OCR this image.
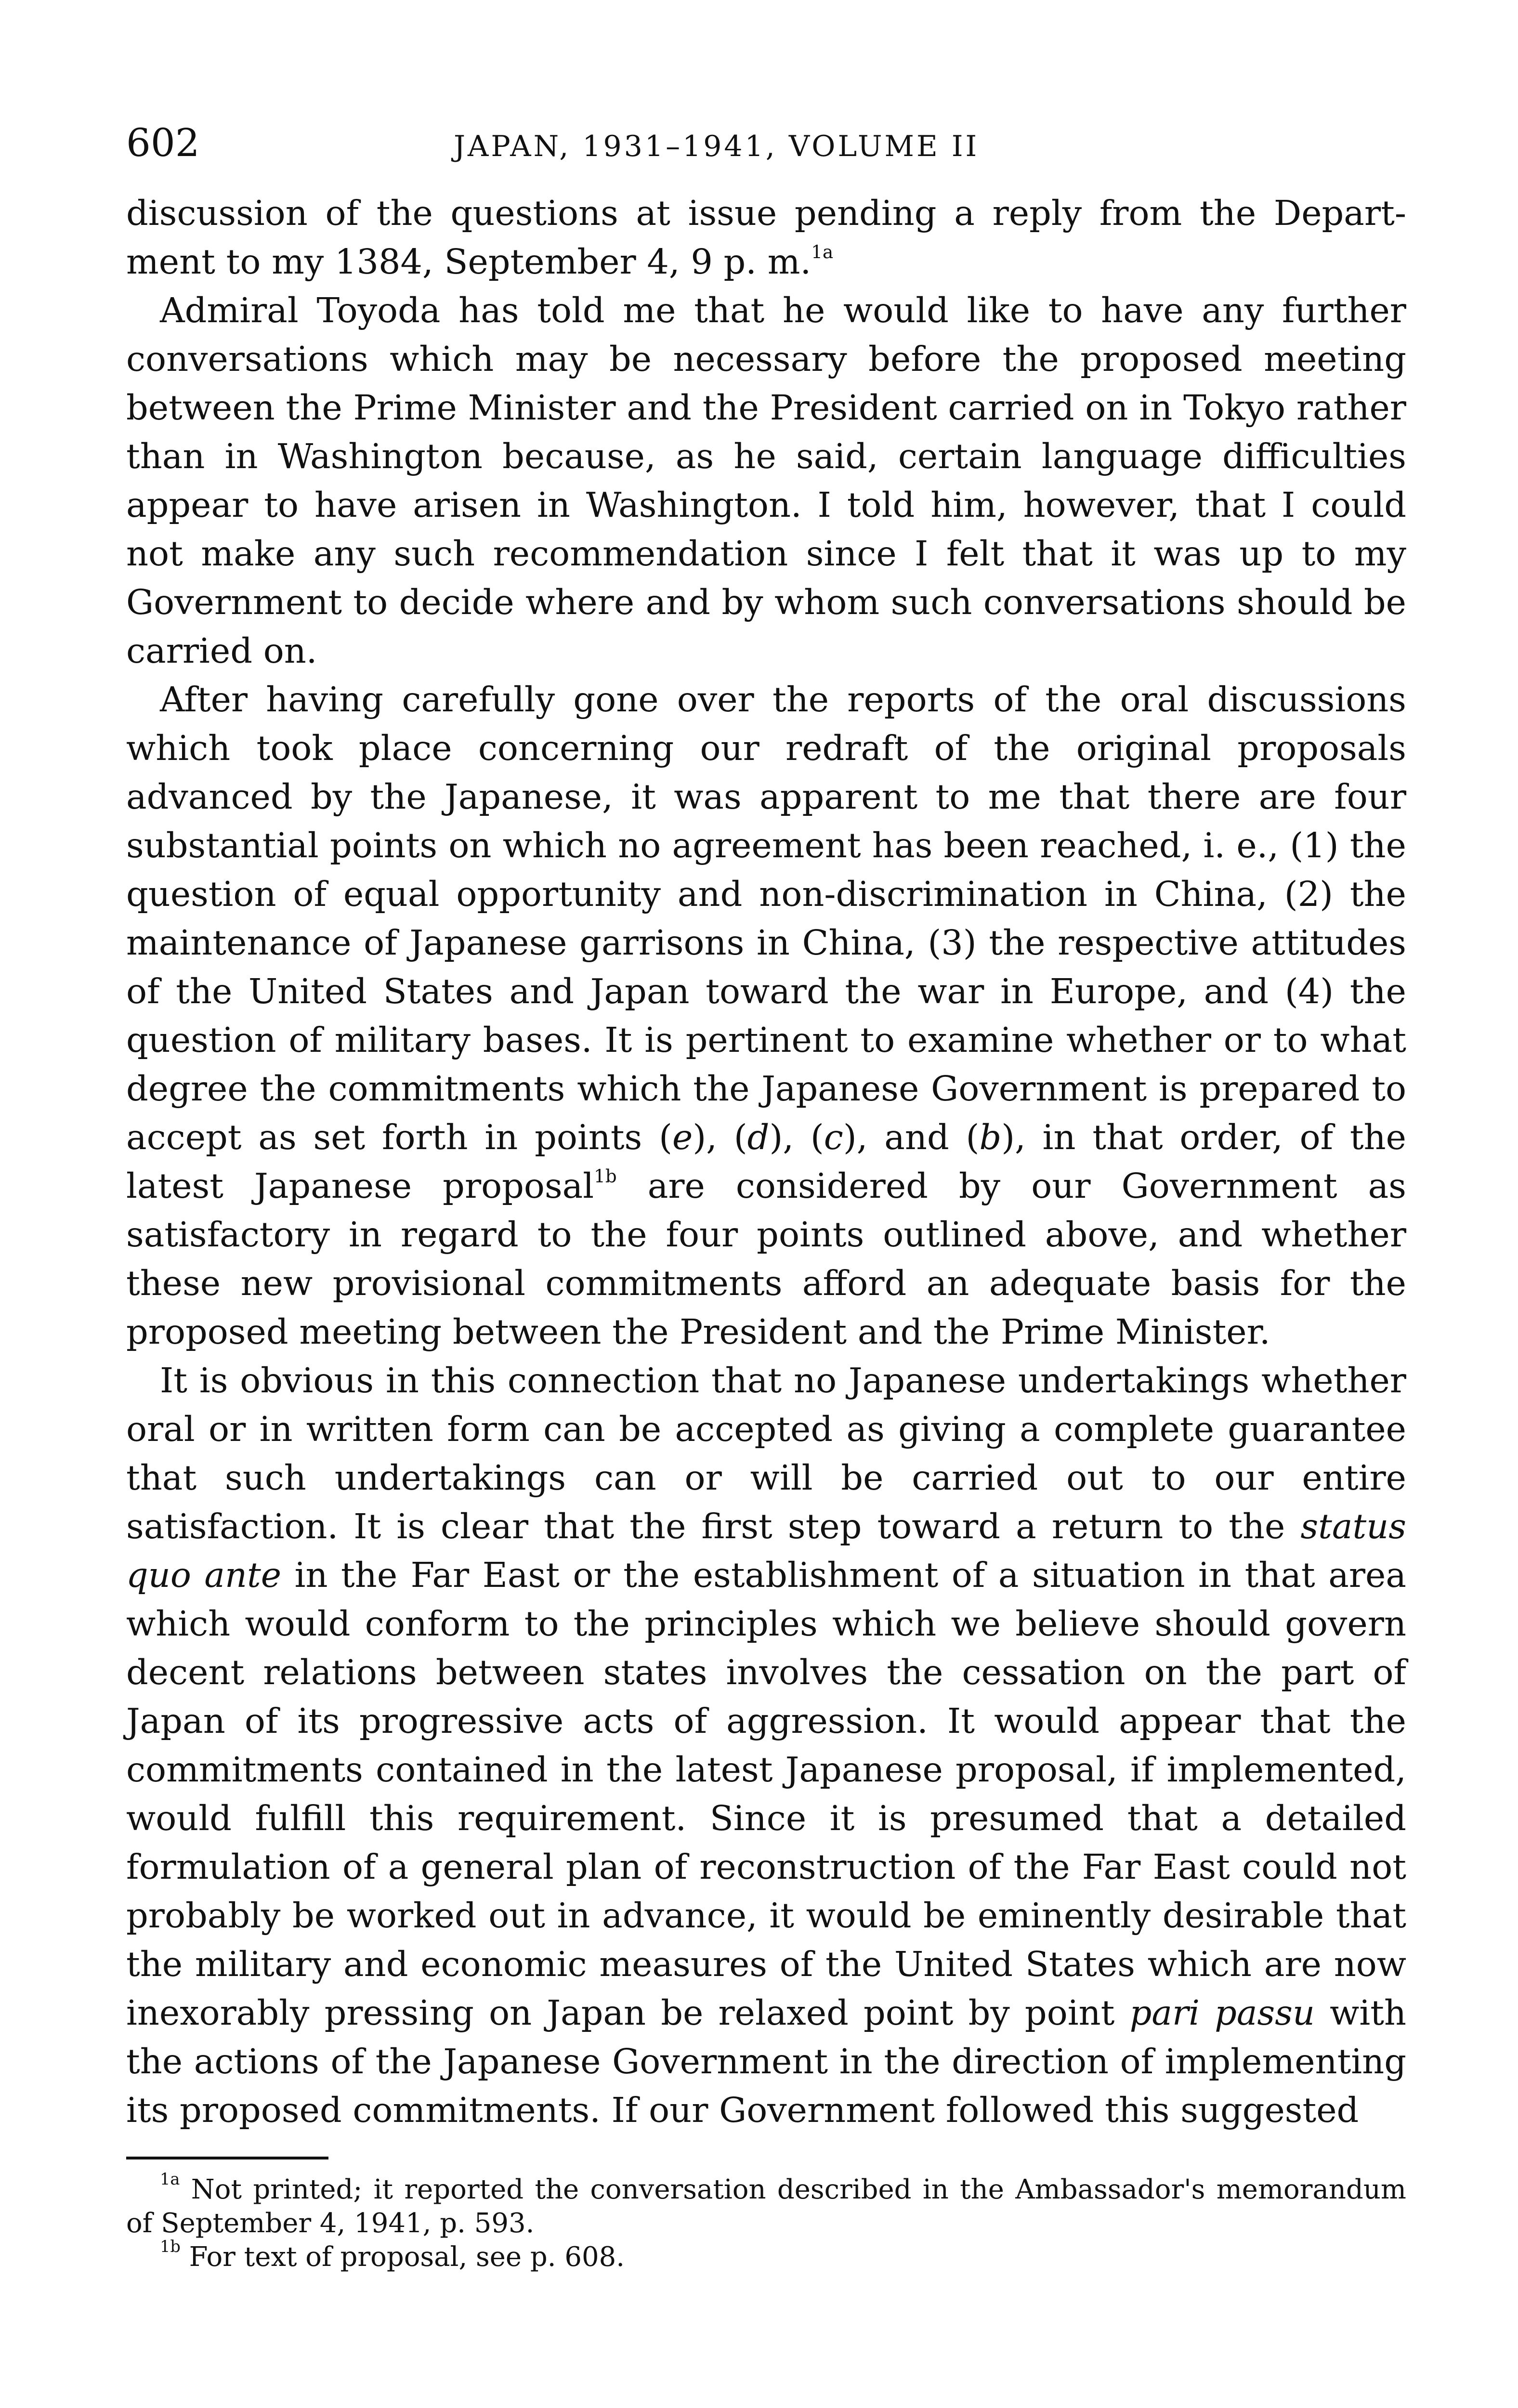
602	JAPAN, 1931–1941, VOLUME II

discussion of the questions at issue pending a reply from the Department to my 1384, September 4, 9 p. m.$^{1a}$

Admiral Toyoda has told me that he would like to have any further conversations which may be necessary before the proposed meeting between the Prime Minister and the President carried on in Tokyo rather than in Washington because, as he said, certain language difficulties appear to have arisen in Washington. I told him, however, that I could not make any such recommendation since I felt that it was up to my Government to decide where and by whom such conversations should be carried on.

After having carefully gone over the reports of the oral discussions which took place concerning our redraft of the original proposals advanced by the Japanese, it was apparent to me that there are four substantial points on which no agreement has been reached, i. e., (1) the question of equal opportunity and non-discrimination in China, (2) the maintenance of Japanese garrisons in China, (3) the respective attitudes of the United States and Japan toward the war in Europe, and (4) the question of military bases. It is pertinent to examine whether or to what degree the commitments which the Japanese Government is prepared to accept as set forth in points (e), (d), (c), and (b), in that order, of the latest Japanese proposal$^{1b}$ are considered by our Government as satisfactory in regard to the four points outlined above, and whether these new provisional commitments afford an adequate basis for the proposed meeting between the President and the Prime Minister.

It is obvious in this connection that no Japanese undertakings whether oral or in written form can be accepted as giving a complete guarantee that such undertakings can or will be carried out to our entire satisfaction. It is clear that the first step toward a return to the status quo ante in the Far East or the establishment of a situation in that area which would conform to the principles which we believe should govern decent relations between states involves the cessation on the part of Japan of its progressive acts of aggression. It would appear that the commitments contained in the latest Japanese proposal, if implemented, would fulfill this requirement. Since it is presumed that a detailed formulation of a general plan of reconstruction of the Far East could not probably be worked out in advance, it would be eminently desirable that the military and economic measures of the United States which are now inexorably pressing on Japan be relaxed point by point pari passu with the actions of the Japanese Government in the direction of implementing its proposed commitments. If our Government followed this suggested

$^{1a}$ Not printed; it reported the conversation described in the Ambassador's memorandum of September 4, 1941, p. 593.

$^{1b}$ For text of proposal, see p. 608.
